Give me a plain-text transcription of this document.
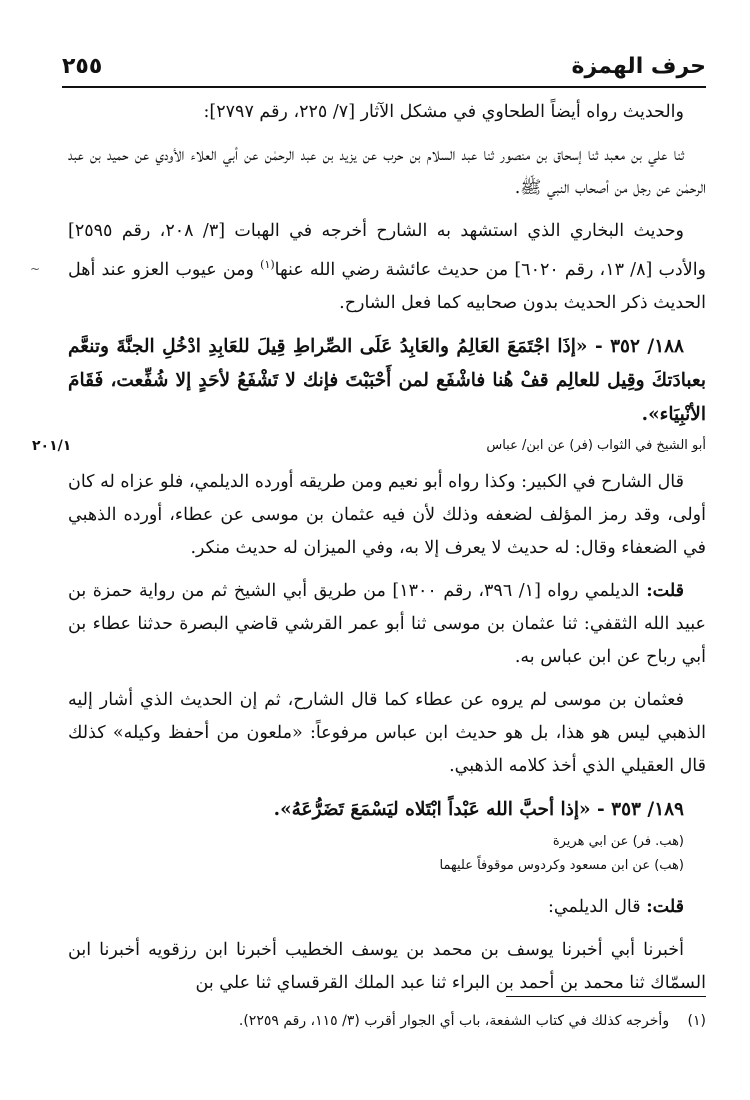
حرف الهمزة
٢٥٥
~

والحديث رواه أيضاً الطحاوي في مشكل الآثار [٧/ ٢٢٥، رقم ٢٧٩٧]:

ثنا علي بن معبد ثنا إسحاق بن منصور ثنا عبد السلام بن حرب عن يزيد بن عبد الرحمٰن عن أبي العلاء الأودي عن حميد بن عبد الرحمٰن عن رجل من أصحاب النبي ﷺ.

وحديث البخاري الذي استشهد به الشارح أخرجه في الهبات [٣/ ٢٠٨، رقم ٢٥٩٥] والأدب [٨/ ١٣، رقم ٦٠٢٠] من حديث عائشة رضي الله عنها$^{(١)}$ ومن عيوب العزو عند أهل الحديث ذكر الحديث بدون صحابيه كما فعل الشارح.

١٨٨/ ٣٥٢ - «إذَا اجْتَمَعَ العَالِمُ والعَابِدُ عَلَى الصِّراطِ قِيلَ للعَابِدِ ادْخُلِ الجنَّةَ وتنعَّم بعبادَتكَ وقِيل للعالِم قفْ هُنا فاشْفَع لمن أَحْبَبْتَ فإنك لا تَشْفَعُ لأحَدٍ إلا شُفِّعت، فَقَامَ الأنْبِيَاء».

أبو الشيخ في الثواب (فر) عن ابن/ عباس
٢٠١/١

قال الشارح في الكبير: وكذا رواه أبو نعيم ومن طريقه أورده الديلمي، فلو عزاه له كان أولى، وقد رمز المؤلف لضعفه وذلك لأن فيه عثمان بن موسى عن عطاء، أورده الذهبي في الضعفاء وقال: له حديث لا يعرف إلا به، وفي الميزان له حديث منكر.

قلت: الديلمي رواه [١/ ٣٩٦، رقم ١٣٠٠] من طريق أبي الشيخ ثم من رواية حمزة بن عبيد الله الثقفي: ثنا عثمان بن موسى ثنا أبو عمر القرشي قاضي البصرة حدثنا عطاء بن أبي رباح عن ابن عباس به.

فعثمان بن موسى لم يروه عن عطاء كما قال الشارح، ثم إن الحديث الذي أشار إليه الذهبي ليس هو هذا، بل هو حديث ابن عباس مرفوعاً: «ملعون من أحفظ وكيله» كذلك قال العقيلي الذي أخذ كلامه الذهبي.

١٨٩/ ٣٥٣ - «إذا أحبَّ الله عَبْداً ابْتَلاه ليَسْمَعَ تَضَرُّعَهُ».

(هب. فر) عن ابي هريرة
(هب) عن ابن مسعود وكردوس موقوفاً عليهما

قلت: قال الديلمي:

أخبرنا أبي أخبرنا يوسف بن محمد بن يوسف الخطيب أخبرنا ابن رزقويه أخبرنا ابن السمّاك ثنا محمد بن أحمد بن البراء ثنا عبد الملك القرقساي ثنا علي بن

(١) وأخرجه كذلك في كتاب الشفعة، باب أي الجوار أقرب (٣/ ١١٥، رقم ٢٢٥٩).
